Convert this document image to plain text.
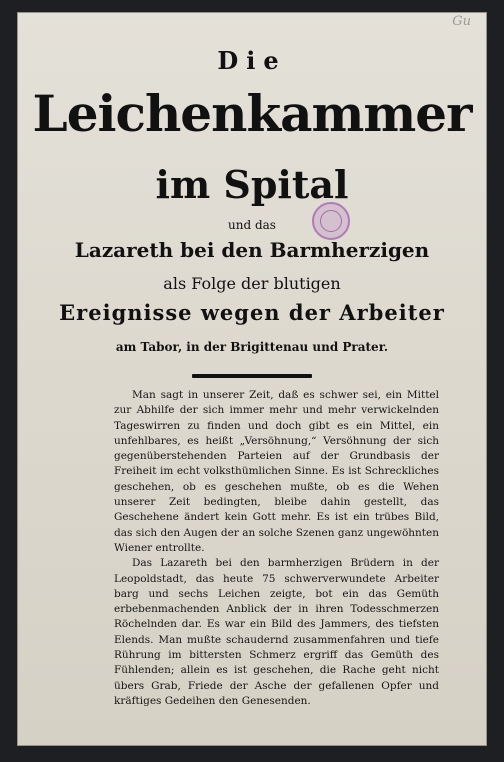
Gu
Die
Leichenkammer
im Spital
und das
Lazareth bei den Barmherzigen
als Folge der blutigen
Ereignisse wegen der Arbeiter
am Tabor, in der Brigittenau und Prater.

Man sagt in unserer Zeit, daß es schwer sei, ein Mittel zur Abhilfe der sich immer mehr und mehr verwickelnden Tageswirren zu finden und doch gibt es ein Mittel, ein unfehlbares, es heißt „Versöhnung,“ Versöhnung der sich gegenüberstehenden Parteien auf der Grundbasis der Freiheit im echt volksthümlichen Sinne. Es ist Schreckliches geschehen, ob es geschehen mußte, ob es die Wehen unserer Zeit bedingten, bleibe dahin gestellt, das Geschehene ändert kein Gott mehr. Es ist ein trübes Bild, das sich den Augen der an solche Szenen ganz ungewöhnten Wiener entrollte.

Das Lazareth bei den barmherzigen Brüdern in der Leopoldstadt, das heute 75 schwerverwundete Arbeiter barg und sechs Leichen zeigte, bot ein das Gemüth erbebenmachenden Anblick der in ihren Todesschmerzen Röchelnden dar. Es war ein Bild des Jammers, des tiefsten Elends. Man mußte schaudernd zusammenfahren und tiefe Rührung im bittersten Schmerz ergriff das Gemüth des Fühlenden; allein es ist geschehen, die Rache geht nicht übers Grab, Friede der Asche der gefallenen Opfer und kräftiges Gedeihen den Genesenden.
